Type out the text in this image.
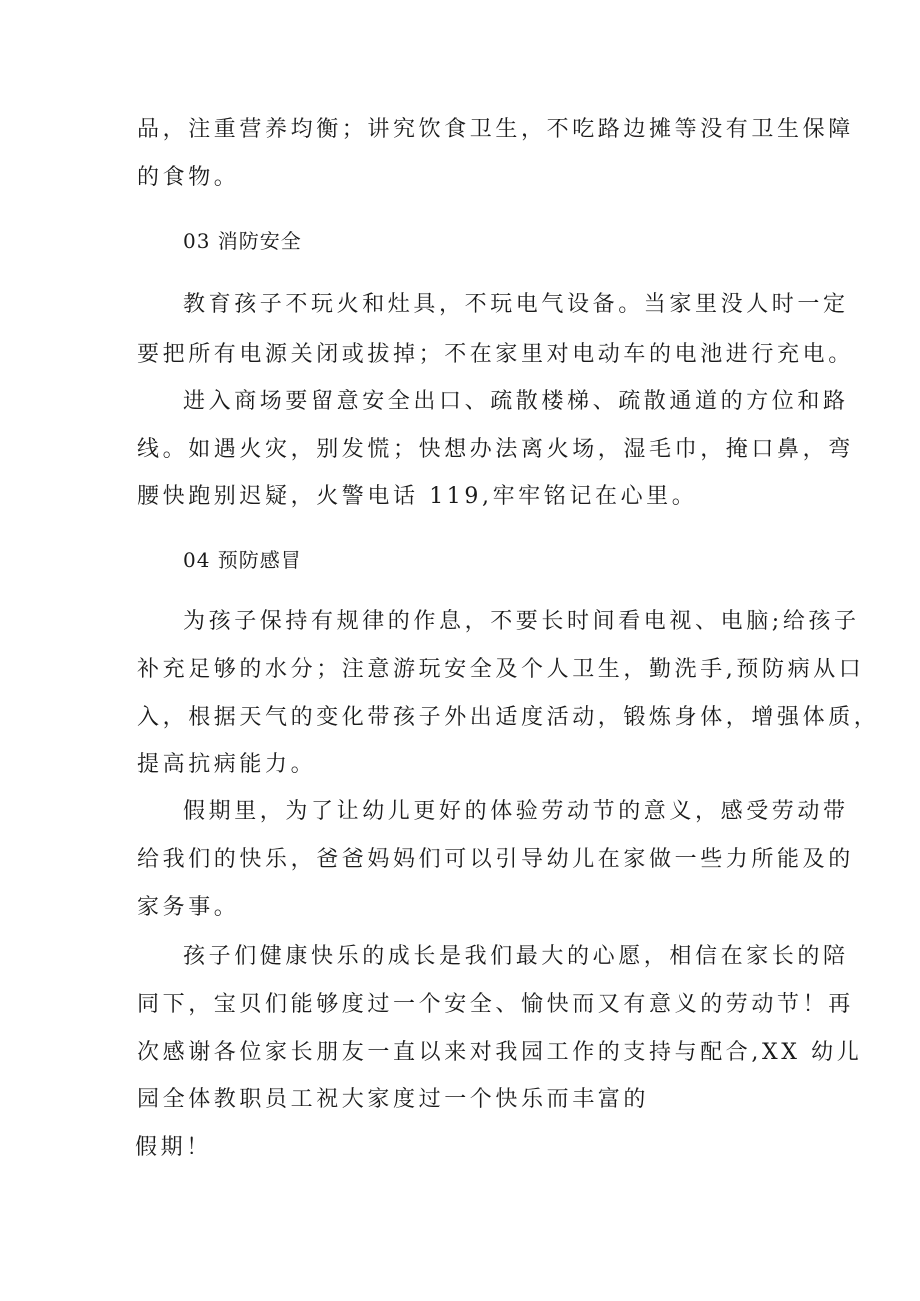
品，注重营养均衡；讲究饮食卫生，不吃路边摊等没有卫生保障

的食物。

03 消防安全

教育孩子不玩火和灶具，不玩电气设备。当家里没人时一定

要把所有电源关闭或拔掉；不在家里对电动车的电池进行充电。

进入商场要留意安全出口、疏散楼梯、疏散通道的方位和路

线。如遇火灾，别发慌；快想办法离火场，湿毛巾，掩口鼻，弯

腰快跑别迟疑，火警电话 119,牢牢铭记在心里。

04 预防感冒

为孩子保持有规律的作息，不要长时间看电视、电脑;给孩子

补充足够的水分；注意游玩安全及个人卫生，勤洗手,预防病从口

入，根据天气的变化带孩子外出适度活动，锻炼身体，增强体质，

提高抗病能力。

假期里，为了让幼儿更好的体验劳动节的意义，感受劳动带

给我们的快乐，爸爸妈妈们可以引导幼儿在家做一些力所能及的

家务事。

孩子们健康快乐的成长是我们最大的心愿，相信在家长的陪

同下，宝贝们能够度过一个安全、愉快而又有意义的劳动节！再

次感谢各位家长朋友一直以来对我园工作的支持与配合,XX 幼儿

园全体教职员工祝大家度过一个快乐而丰富的

假期！
